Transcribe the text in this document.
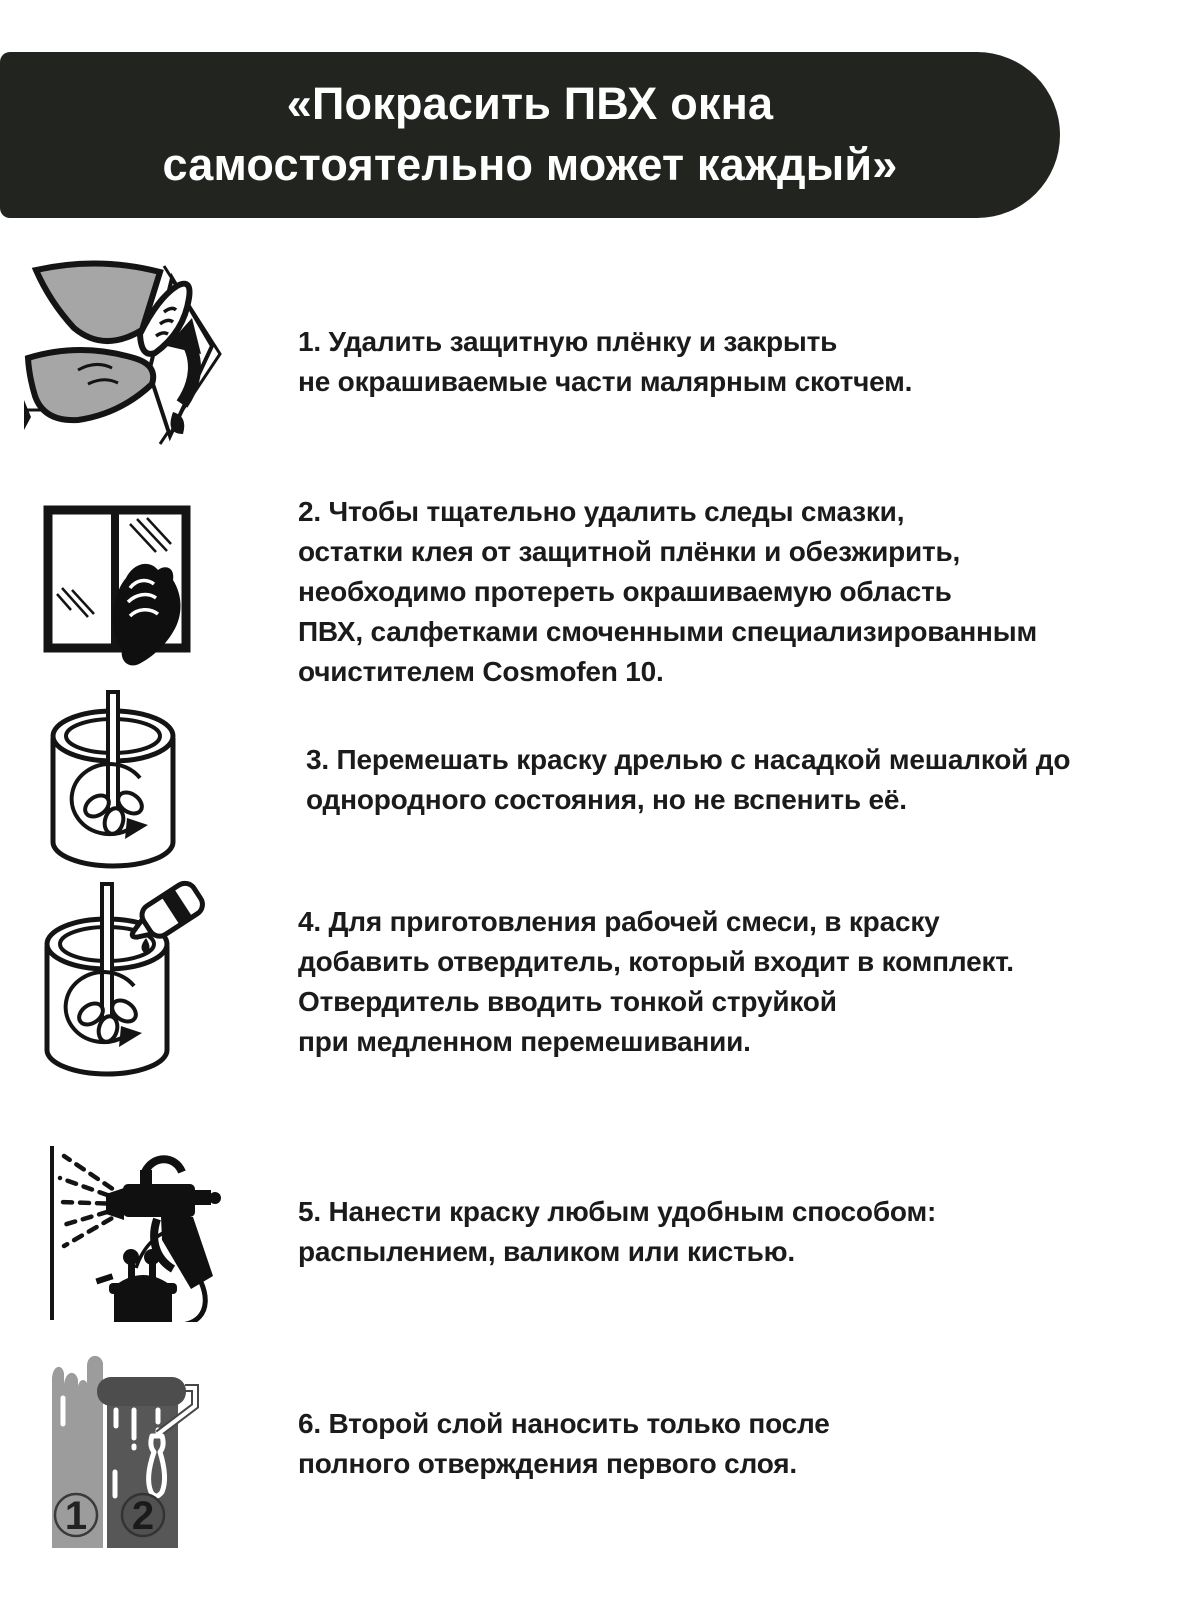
«Покрасить ПВХ окна
самостоятельно может каждый»
1. Удалить защитную плёнку и закрыть
не окрашиваемые части малярным скотчем.
2. Чтобы тщательно удалить следы смазки,
остатки клея от защитной плёнки и обезжирить,
необходимо протереть окрашиваемую область
ПВХ, салфетками смоченными специализированным
очистителем Cosmofen 10.
3. Перемешать краску дрелью с насадкой мешалкой до
однородного состояния, но не вспенить её.
4. Для приготовления рабочей смеси, в краску
добавить отвердитель, который входит в комплект.
Отвердитель вводить тонкой струйкой
при медленном перемешивании.
5. Нанести краску любым удобным способом:
распылением, валиком или кистью.
1 2
6. Второй слой наносить только после
полного отверждения первого слоя.
